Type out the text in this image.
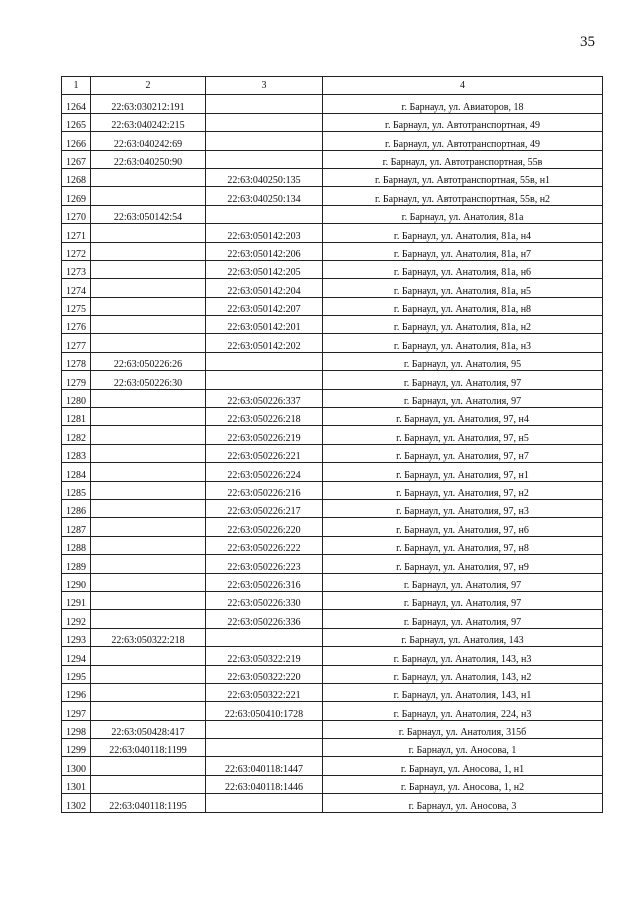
35
1	2	3	4
1264	22:63:030212:191		г. Барнаул, ул. Авиаторов, 18
1265	22:63:040242:215		г. Барнаул, ул. Автотранспортная, 49
1266	22:63:040242:69		г. Барнаул, ул. Автотранспортная, 49
1267	22:63:040250:90		г. Барнаул, ул. Автотранспортная, 55в
1268		22:63:040250:135	г. Барнаул, ул. Автотранспортная, 55в, н1
1269		22:63:040250:134	г. Барнаул, ул. Автотранспортная, 55в, н2
1270	22:63:050142:54		г. Барнаул, ул. Анатолия, 81а
1271		22:63:050142:203	г. Барнаул, ул. Анатолия, 81а, н4
1272		22:63:050142:206	г. Барнаул, ул. Анатолия, 81а, н7
1273		22:63:050142:205	г. Барнаул, ул. Анатолия, 81а, н6
1274		22:63:050142:204	г. Барнаул, ул. Анатолия, 81а, н5
1275		22:63:050142:207	г. Барнаул, ул. Анатолия, 81а, н8
1276		22:63:050142:201	г. Барнаул, ул. Анатолия, 81а, н2
1277		22:63:050142:202	г. Барнаул, ул. Анатолия, 81а, н3
1278	22:63:050226:26		г. Барнаул, ул. Анатолия, 95
1279	22:63:050226:30		г. Барнаул, ул. Анатолия, 97
1280		22:63:050226:337	г. Барнаул, ул. Анатолия, 97
1281		22:63:050226:218	г. Барнаул, ул. Анатолия, 97, н4
1282		22:63:050226:219	г. Барнаул, ул. Анатолия, 97, н5
1283		22:63:050226:221	г. Барнаул, ул. Анатолия, 97, н7
1284		22:63:050226:224	г. Барнаул, ул. Анатолия, 97, н1
1285		22:63:050226:216	г. Барнаул, ул. Анатолия, 97, н2
1286		22:63:050226:217	г. Барнаул, ул. Анатолия, 97, н3
1287		22:63:050226:220	г. Барнаул, ул. Анатолия, 97, н6
1288		22:63:050226:222	г. Барнаул, ул. Анатолия, 97, н8
1289		22:63:050226:223	г. Барнаул, ул. Анатолия, 97, н9
1290		22:63:050226:316	г. Барнаул, ул. Анатолия, 97
1291		22:63:050226:330	г. Барнаул, ул. Анатолия, 97
1292		22:63:050226:336	г. Барнаул, ул. Анатолия, 97
1293	22:63:050322:218		г. Барнаул, ул. Анатолия, 143
1294		22:63:050322:219	г. Барнаул, ул. Анатолия, 143, н3
1295		22:63:050322:220	г. Барнаул, ул. Анатолия, 143, н2
1296		22:63:050322:221	г. Барнаул, ул. Анатолия, 143, н1
1297		22:63:050410:1728	г. Барнаул, ул. Анатолия, 224, н3
1298	22:63:050428:417		г. Барнаул, ул. Анатолия, 315б
1299	22:63:040118:1199		г. Барнаул, ул. Аносова, 1
1300		22:63:040118:1447	г. Барнаул, ул. Аносова, 1, н1
1301		22:63:040118:1446	г. Барнаул, ул. Аносова, 1, н2
1302	22:63:040118:1195		г. Барнаул, ул. Аносова, 3
